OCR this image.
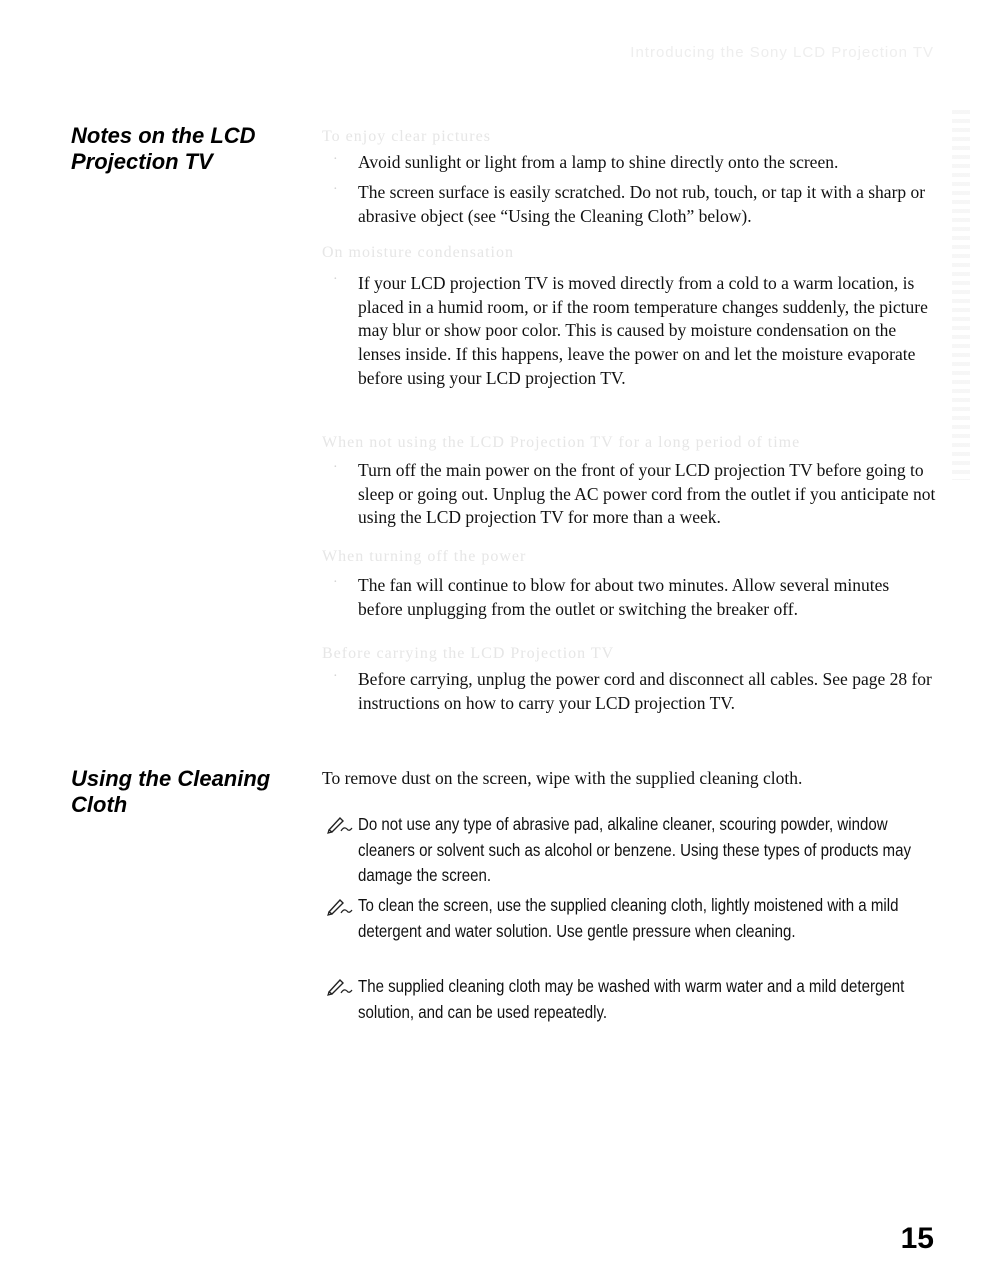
Introducing the Sony LCD Projection TV
Notes on the LCD Projection TV
To enjoy clear pictures
·	Avoid sunlight or light from a lamp to shine directly onto the screen.
·	The screen surface is easily scratched. Do not rub, touch, or tap it with a sharp or abrasive object (see “Using the Cleaning Cloth” below).
On moisture condensation
·	If your LCD projection TV is moved directly from a cold to a warm location, is placed in a humid room, or if the room temperature changes suddenly, the picture may blur or show poor color. This is caused by moisture condensation on the lenses inside. If this happens, leave the power on and let the moisture evaporate before using your LCD projection TV.
When not using the LCD Projection TV for a long period of time
·	Turn off the main power on the front of your LCD projection TV before going to sleep or going out. Unplug the AC power cord from the outlet if you anticipate not using the LCD projection TV for more than a week.
When turning off the power
·	The fan will continue to blow for about two minutes. Allow several minutes before unplugging from the outlet or switching the breaker off.
Before carrying the LCD Projection TV
·	Before carrying, unplug the power cord and disconnect all cables. See page 28 for instructions on how to carry your LCD projection TV.
Using the Cleaning Cloth
To remove dust on the screen, wipe with the supplied cleaning cloth.
Do not use any type of abrasive pad, alkaline cleaner, scouring powder, window cleaners or solvent such as alcohol or benzene. Using these types of products may damage the screen.
To clean the screen, use the supplied cleaning cloth, lightly moistened with a mild detergent and water solution. Use gentle pressure when cleaning.
The supplied cleaning cloth may be washed with warm water and a mild detergent solution, and can be used repeatedly.
15
